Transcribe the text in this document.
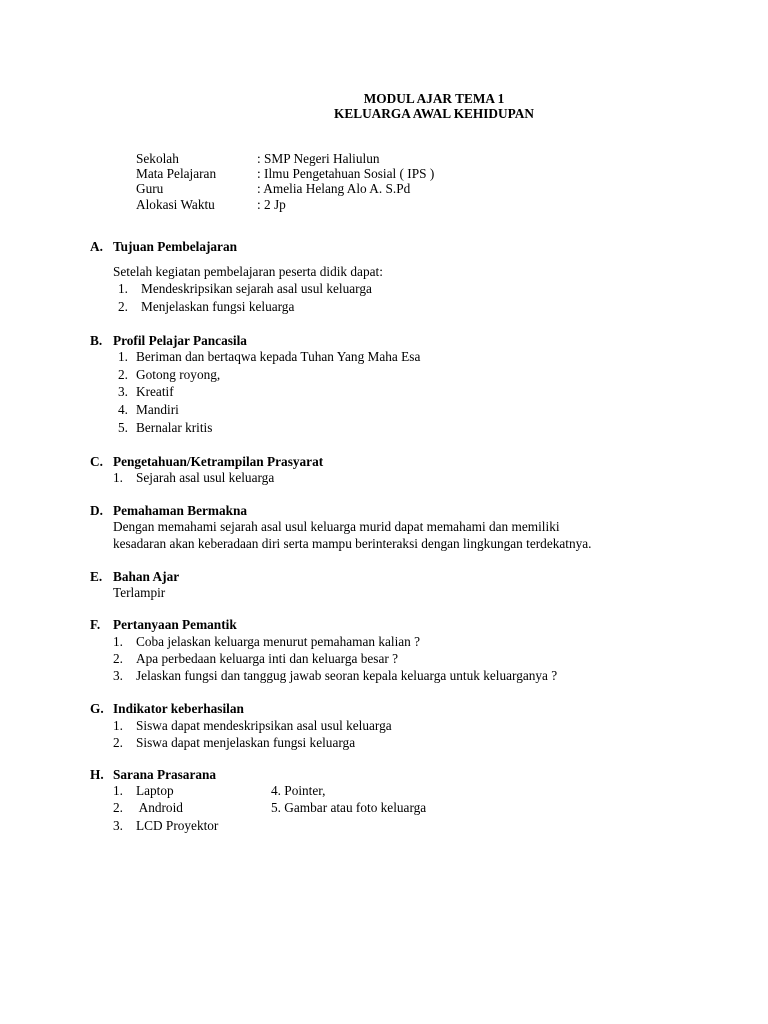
MODUL AJAR TEMA 1
KELUARGA AWAL KEHIDUPAN
Sekolah	: SMP Negeri Haliulun
Mata Pelajaran	: Ilmu Pengetahuan Sosial ( IPS )
Guru	: Amelia Helang Alo A. S.Pd
Alokasi Waktu	: 2 Jp
A. Tujuan Pembelajaran
Setelah kegiatan pembelajaran peserta didik dapat:
1. Mendeskripsikan sejarah asal usul keluarga
2. Menjelaskan fungsi keluarga
B. Profil Pelajar Pancasila
1. Beriman dan bertaqwa kepada Tuhan Yang Maha Esa
2. Gotong royong,
3. Kreatif
4. Mandiri
5. Bernalar kritis
C. Pengetahuan/Ketrampilan Prasyarat
1. Sejarah asal usul keluarga
D. Pemahaman Bermakna
Dengan memahami sejarah asal usul keluarga murid dapat memahami dan memiliki
kesadaran akan keberadaan diri serta mampu berinteraksi dengan lingkungan terdekatnya.
E. Bahan Ajar
Terlampir
F. Pertanyaan Pemantik
1. Coba jelaskan keluarga menurut pemahaman kalian ?
2. Apa perbedaan keluarga inti dan keluarga besar ?
3. Jelaskan fungsi dan tanggug jawab seoran kepala keluarga untuk keluarganya ?
G. Indikator keberhasilan
1. Siswa dapat mendeskripsikan asal usul keluarga
2. Siswa dapat menjelaskan fungsi keluarga
H. Sarana Prasarana
1. Laptop
2. Android
3. LCD Proyektor
4. Pointer,
5. Gambar atau foto keluarga
